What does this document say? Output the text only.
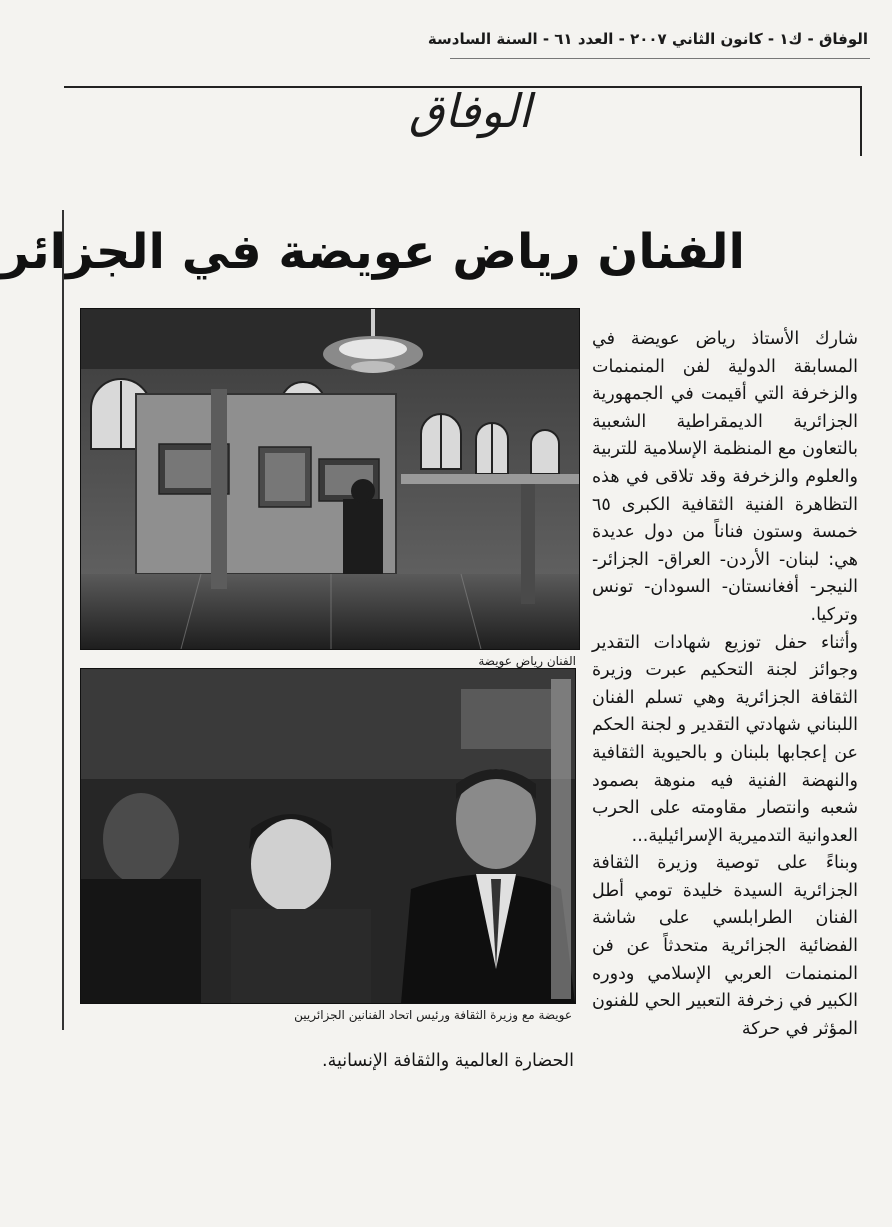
الوفاق - ك١ - كانون الثاني ٢٠٠٧ - العدد ٦١ - السنة السادسة
الوفاق
الفنان رياض عويضة في الجزائر
الفنان رياض عويضة
عويضة مع وزيرة الثقافة ورئيس اتحاد الفنانين الجزائريين

شارك الأستاذ رياض عويضة في المسابقة الدولية لفن المنمنمات والزخرفة التي أقيمت في الجمهورية الجزائرية الديمقراطية الشعبية بالتعاون مع المنظمة الإسلامية للتربية والعلوم والزخرفة وقد تلاقى في هذه التظاهرة الفنية الثقافية الكبرى ٦٥ خمسة وستون فناناً من دول عديدة هي: لبنان- الأردن- العراق- الجزائر- النيجر- أفغانستان- السودان- تونس وتركيا.

وأثناء حفل توزيع شهادات التقدير وجوائز لجنة التحكيم عبرت وزيرة الثقافة الجزائرية وهي تسلم الفنان اللبناني شهادتي التقدير و لجنة الحكم عن إعجابها بلبنان و بالحيوية الثقافية والنهضة الفنية فيه منوهة بصمود شعبه وانتصار مقاومته على الحرب العدوانية التدميرية الإسرائيلية...

وبناءً على توصية وزيرة الثقافة الجزائرية السيدة خليدة تومي أطل الفنان الطرابلسي على شاشة الفضائية الجزائرية متحدثاً عن فن المنمنمات العربي الإسلامي ودوره الكبير في زخرفة التعبير الحي للفنون المؤثر في حركة

الحضارة العالمية والثقافة الإنسانية.
